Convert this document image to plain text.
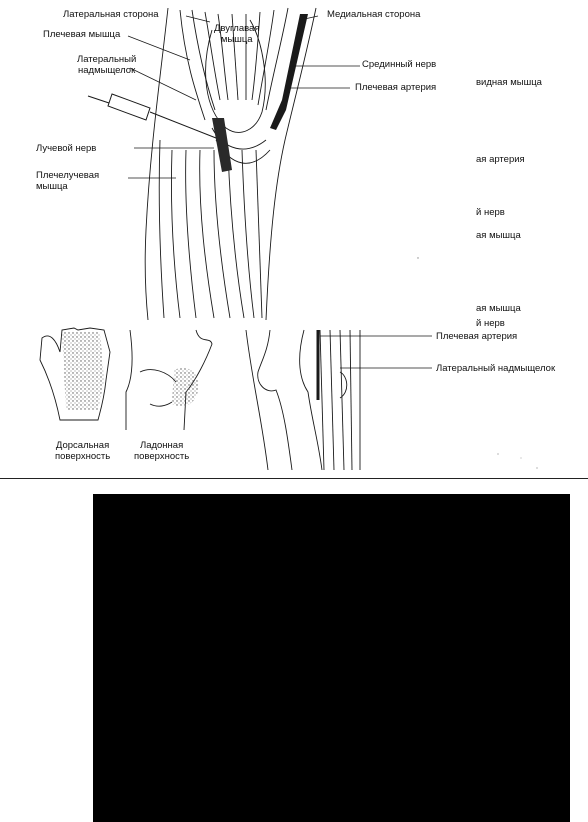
Латеральная сторона	Медиальная сторона
Плечевая мышца
Двуглавая
мышца
Латеральный
надмыщелок
Срединный нерв
Плечевая артерия	видная мышца
Лучевой нерв
ая артерия
Плечелучевая
мышца
й нерв
ая мышца
ая мышца
й нерв
Плечевая артерия
Латеральный надмыщелок
Дорсальная
поверхность
Ладонная
поверхность
